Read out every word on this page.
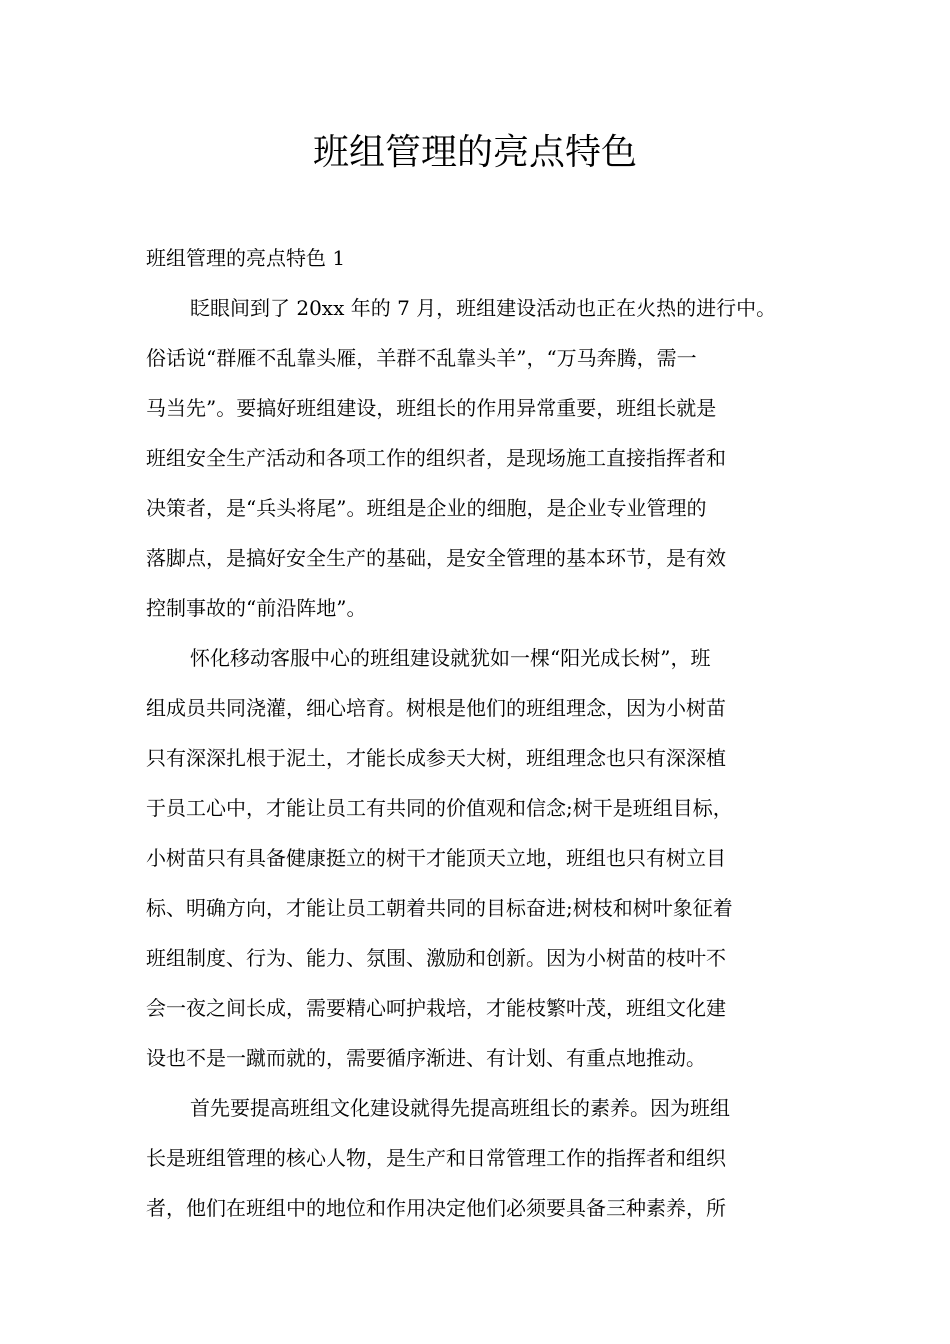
班组管理的亮点特色

班组管理的亮点特色 1

眨眼间到了 20xx 年的 7 月，班组建设活动也正在火热的进行中。
俗话说“群雁不乱靠头雁，羊群不乱靠头羊”，“万马奔腾，需一
马当先”。要搞好班组建设，班组长的作用异常重要，班组长就是
班组安全生产活动和各项工作的组织者，是现场施工直接指挥者和
决策者，是“兵头将尾”。班组是企业的细胞，是企业专业管理的
落脚点，是搞好安全生产的基础，是安全管理的基本环节，是有效
控制事故的“前沿阵地”。

怀化移动客服中心的班组建设就犹如一棵“阳光成长树”，班
组成员共同浇灌，细心培育。树根是他们的班组理念，因为小树苗
只有深深扎根于泥土，才能长成参天大树，班组理念也只有深深植
于员工心中，才能让员工有共同的价值观和信念;树干是班组目标，
小树苗只有具备健康挺立的树干才能顶天立地，班组也只有树立目
标、明确方向，才能让员工朝着共同的目标奋进;树枝和树叶象征着
班组制度、行为、能力、氛围、激励和创新。因为小树苗的枝叶不
会一夜之间长成，需要精心呵护栽培，才能枝繁叶茂，班组文化建
设也不是一蹴而就的，需要循序渐进、有计划、有重点地推动。

首先要提高班组文化建设就得先提高班组长的素养。因为班组
长是班组管理的核心人物，是生产和日常管理工作的指挥者和组织
者，他们在班组中的地位和作用决定他们必须要具备三种素养，所
